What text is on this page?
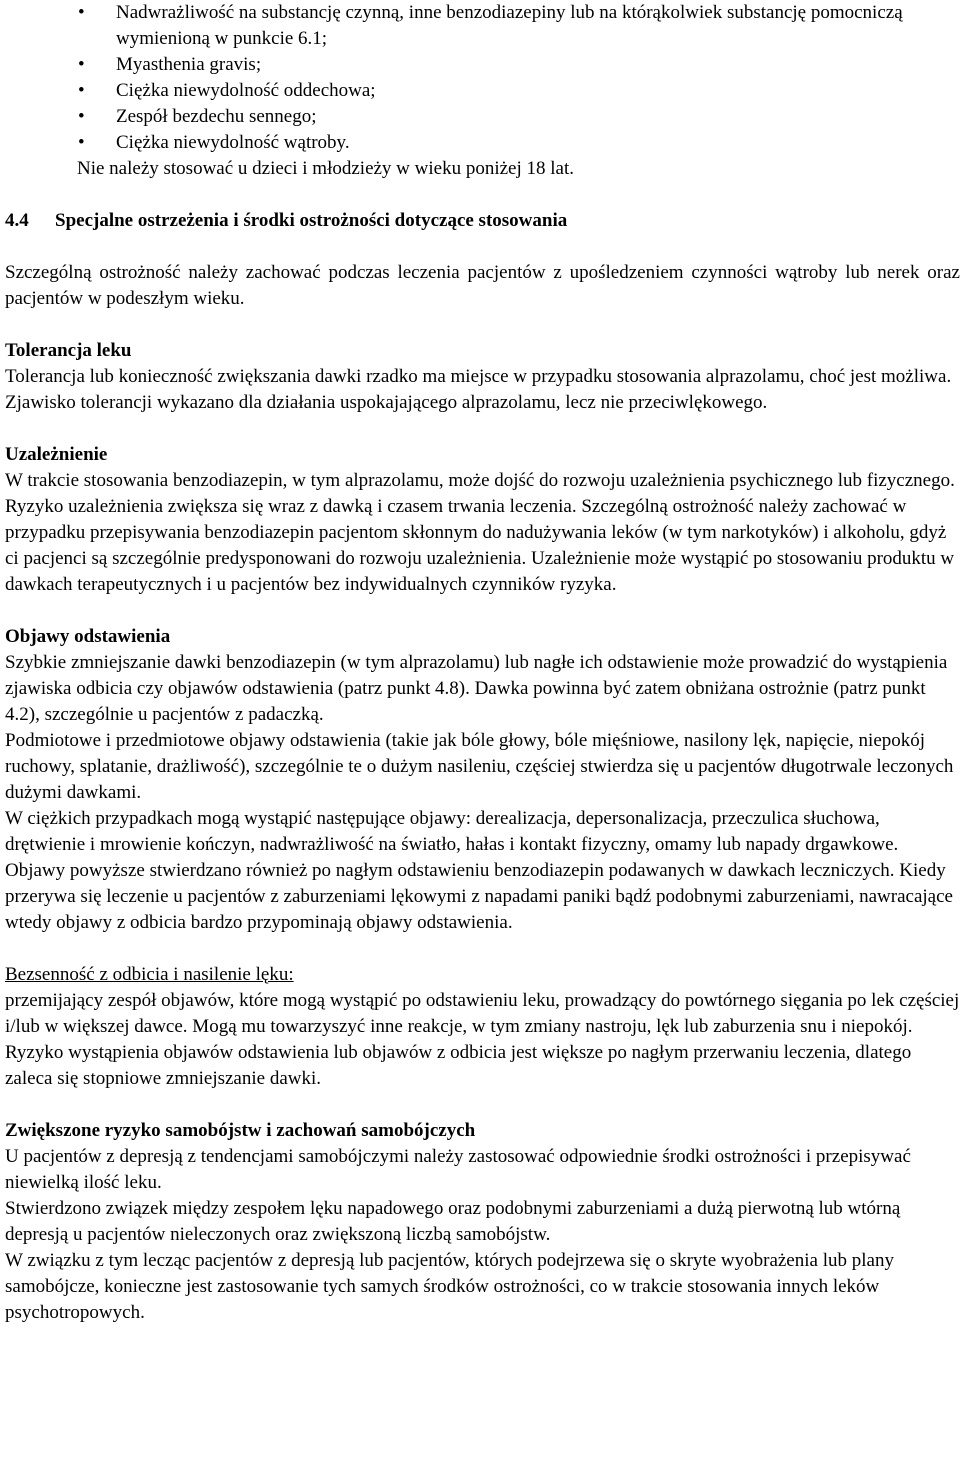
• Nadwrażliwość na substancję czynną, inne benzodiazepiny lub na którąkolwiek substancję pomocniczą wymienioną w punkcie 6.1;
• Myasthenia gravis;
• Ciężka niewydolność oddechowa;
• Zespół bezdechu sennego;
• Ciężka niewydolność wątroby.

Nie należy stosować u dzieci i młodzieży w wieku poniżej 18 lat.

4.4 Specjalne ostrzeżenia i środki ostrożności dotyczące stosowania

Szczególną ostrożność należy zachować podczas leczenia pacjentów z upośledzeniem czynności wątroby lub nerek oraz pacjentów w podeszłym wieku.

Tolerancja leku

Tolerancja lub konieczność zwiększania dawki rzadko ma miejsce w przypadku stosowania alprazolamu, choć jest możliwa. Zjawisko tolerancji wykazano dla działania uspokajającego alprazolamu, lecz nie przeciwlękowego.

Uzależnienie

W trakcie stosowania benzodiazepin, w tym alprazolamu, może dojść do rozwoju uzależnienia psychicznego lub fizycznego. Ryzyko uzależnienia zwiększa się wraz z dawką i czasem trwania leczenia. Szczególną ostrożność należy zachować w przypadku przepisywania benzodiazepin pacjentom skłonnym do nadużywania leków (w tym narkotyków) i alkoholu, gdyż ci pacjenci są szczególnie predysponowani do rozwoju uzależnienia. Uzależnienie może wystąpić po stosowaniu produktu w dawkach terapeutycznych i u pacjentów bez indywidualnych czynników ryzyka.

Objawy odstawienia

Szybkie zmniejszanie dawki benzodiazepin (w tym alprazolamu) lub nagłe ich odstawienie może prowadzić do wystąpienia zjawiska odbicia czy objawów odstawienia (patrz punkt 4.8). Dawka powinna być zatem obniżana ostrożnie (patrz punkt 4.2), szczególnie u pacjentów z padaczką.

Podmiotowe i przedmiotowe objawy odstawienia (takie jak bóle głowy, bóle mięśniowe, nasilony lęk, napięcie, niepokój ruchowy, splatanie, drażliwość), szczególnie te o dużym nasileniu, częściej stwierdza się u pacjentów długotrwale leczonych dużymi dawkami.

W ciężkich przypadkach mogą wystąpić następujące objawy: derealizacja, depersonalizacja, przeczulica słuchowa, drętwienie i mrowienie kończyn, nadwrażliwość na światło, hałas i kontakt fizyczny, omamy lub napady drgawkowe.

Objawy powyższe stwierdzano również po nagłym odstawieniu benzodiazepin podawanych w dawkach leczniczych. Kiedy przerywa się leczenie u pacjentów z zaburzeniami lękowymi z napadami paniki bądź podobnymi zaburzeniami, nawracające wtedy objawy z odbicia bardzo przypominają objawy odstawienia.

Bezsenność z odbicia i nasilenie lęku:

przemijający zespół objawów, które mogą wystąpić po odstawieniu leku, prowadzący do powtórnego sięgania po lek częściej i/lub w większej dawce. Mogą mu towarzyszyć inne reakcje, w tym zmiany nastroju, lęk lub zaburzenia snu i niepokój.

Ryzyko wystąpienia objawów odstawienia lub objawów z odbicia jest większe po nagłym przerwaniu leczenia, dlatego zaleca się stopniowe zmniejszanie dawki.

Zwiększone ryzyko samobójstw i zachowań samobójczych

U pacjentów z depresją z tendencjami samobójczymi należy zastosować odpowiednie środki ostrożności i przepisywać niewielką ilość leku.

Stwierdzono związek między zespołem lęku napadowego oraz podobnymi zaburzeniami a dużą pierwotną lub wtórną depresją u pacjentów nieleczonych oraz zwiększoną liczbą samobójstw.

W związku z tym lecząc pacjentów z depresją lub pacjentów, których podejrzewa się o skryte wyobrażenia lub plany samobójcze, konieczne jest zastosowanie tych samych środków ostrożności, co w trakcie stosowania innych leków psychotropowych.
